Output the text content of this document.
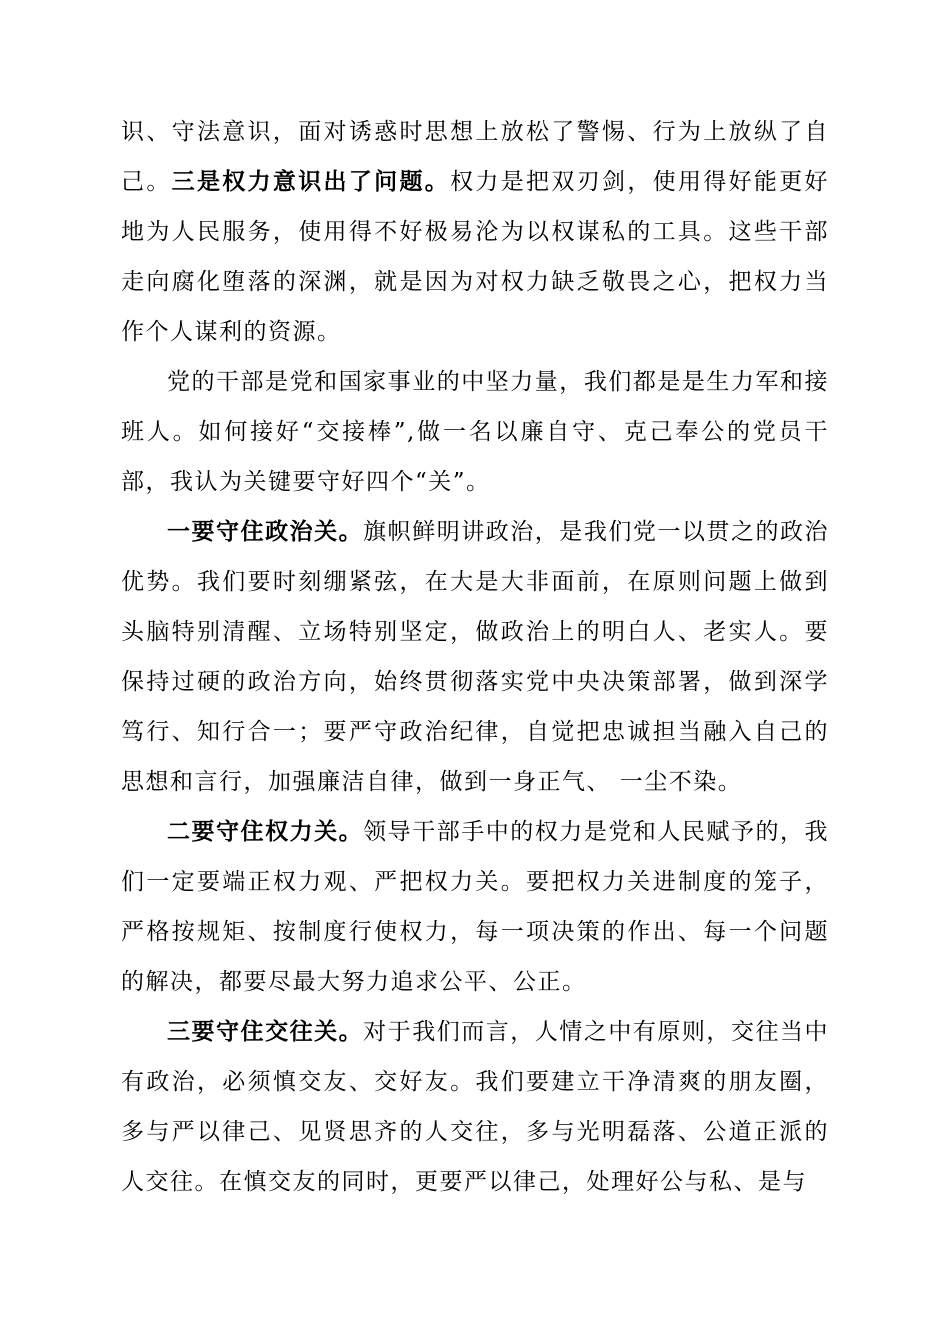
识、守法意识，面对诱惑时思想上放松了警惕、行为上放纵了自己。三是权力意识出了问题。权力是把双刃剑，使用得好能更好地为人民服务，使用得不好极易沦为以权谋私的工具。这些干部走向腐化堕落的深渊，就是因为对权力缺乏敬畏之心，把权力当作个人谋利的资源。

党的干部是党和国家事业的中坚力量，我们都是是生力军和接班人。如何接好“交接棒”,做一名以廉自守、克己奉公的党员干部，我认为关键要守好四个“关”。

一要守住政治关。旗帜鲜明讲政治，是我们党一以贯之的政治优势。我们要时刻绷紧弦，在大是大非面前，在原则问题上做到头脑特别清醒、立场特别坚定，做政治上的明白人、老实人。要保持过硬的政治方向，始终贯彻落实党中央决策部署，做到深学笃行、知行合一；要严守政治纪律，自觉把忠诚担当融入自己的思想和言行，加强廉洁自律，做到一身正气、 一尘不染。

二要守住权力关。领导干部手中的权力是党和人民赋予的，我们一定要端正权力观、严把权力关。要把权力关进制度的笼子，严格按规矩、按制度行使权力，每一项决策的作出、每一个问题的解决，都要尽最大努力追求公平、公正。

三要守住交往关。对于我们而言，人情之中有原则，交往当中有政治，必须慎交友、交好友。我们要建立干净清爽的朋友圈，多与严以律己、见贤思齐的人交往，多与光明磊落、公道正派的人交往。在慎交友的同时，更要严以律己，处理好公与私、是与
